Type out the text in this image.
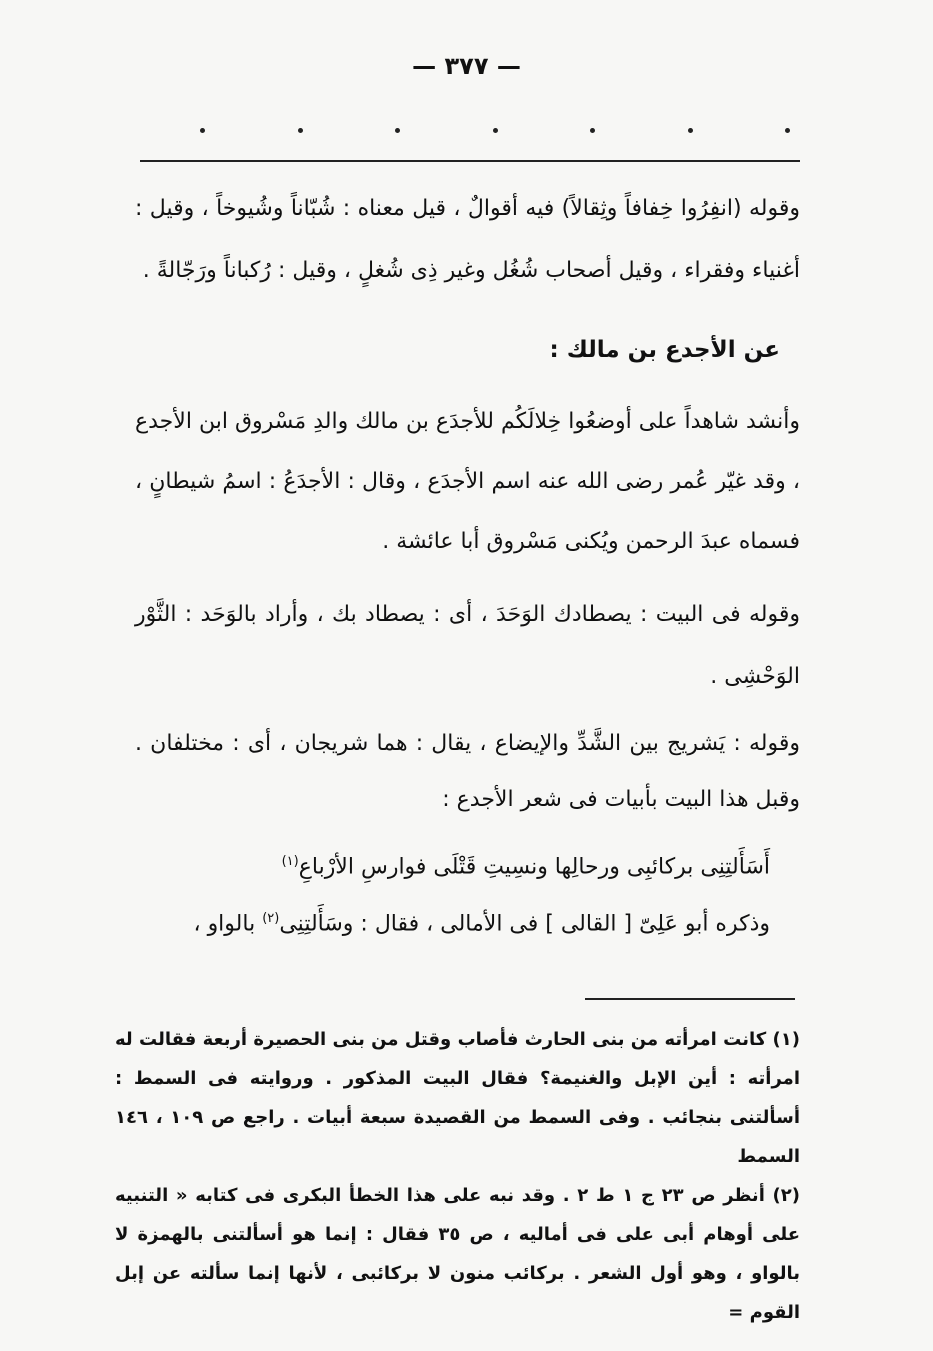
— ٣٧٧ —

وقوله (انفِرُوا خِفافاً وثِقالاً) فيه أقوالٌ ، قيل معناه : شُبّاناً وشُيوخاً ، وقيل : أغنياء وفقراء ، وقيل أصحاب شُغُل وغير ذِى شُغلٍ ، وقيل : رُكباناً ورَجّالةً .

عن الأجدع بن مالك :

وأنشد شاهداً على أوضعُوا خِلالَكُم للأجدَع بن مالك والدِ مَسْروق ابن الأجدع ، وقد غيّر عُمر رضى الله عنه اسم الأجدَع ، وقال : الأجدَعُ : اسمُ شيطانٍ ، فسماه عبدَ الرحمن ويُكنى مَسْروق أبا عائشة .

وقوله فى البيت : يصطادك الوَحَدَ ، أى : يصطاد بك ، وأراد بالوَحَد : الثَّوْر الوَحْشِى .

وقوله : يَشريج بين الشَّدِّ والإيضاع ، يقال : هما شريجان ، أى : مختلفان . وقبل هذا البيت بأبيات فى شعر الأجدع :

أَسَأَلتِنِى بركائبِى ورحالِها ونسِيتِ قَتْلَى فوارسِ الأرْباعِ$^{(١)}$

وذكره أبو عَلِىّ [ القالى ] فى الأمالى ، فقال : وسَأَلتِنِى$^{(٢)}$ بالواو ،

(١) كانت امرأته من بنى الحارث فأصاب وقتل من بنى الحصيرة أربعة فقالت له امرأته : أين الإبل والغنيمة؟ فقال البيت المذكور . وروايته فى السمط : أسألتنى بنجائب . وفى السمط من القصيدة سبعة أبيات . راجع ص ١٠٩ ، ١٤٦ السمط

(٢) أنظر ص ٢٣ ج ١ ط ٢ . وقد نبه على هذا الخطأ البكرى فى كتابه « التنبيه على أوهام أبى على فى أماليه ، ص ٣٥ فقال : إنما هو أسألتنى بالهمزة لا بالواو ، وهو أول الشعر . بركائب منون لا بركائبى ، لأنها إنما سألته عن إبل القوم =
